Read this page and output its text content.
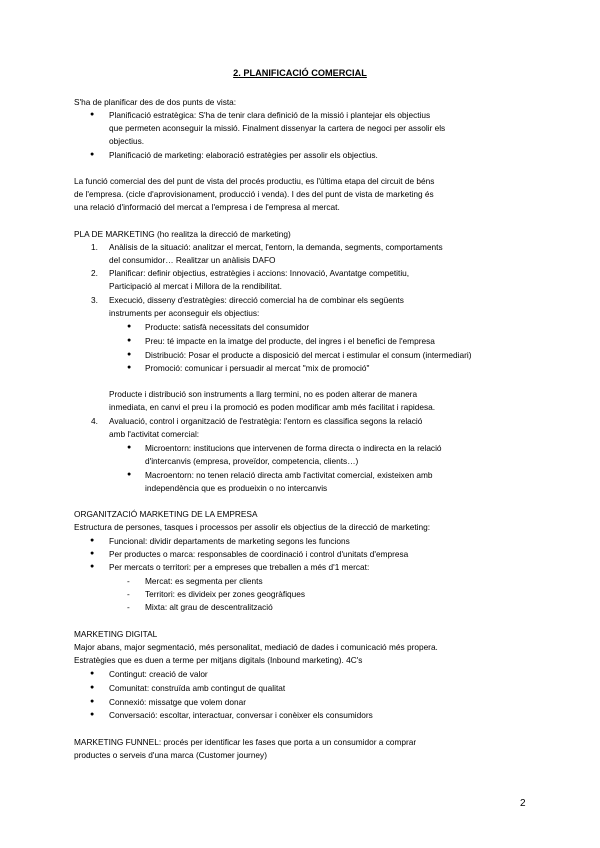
2. PLANIFICACIÓ COMERCIAL
S'ha de planificar des de dos punts de vista:
● Planificació estratègica: S'ha de tenir clara definició de la missió i plantejar els objectius
que permeten aconseguir la missió. Finalment dissenyar la cartera de negoci per assolir els
objectius.
● Planificació de marketing: elaboració estratègies per assolir els objectius.
La funció comercial des del punt de vista del procés productiu, es l'última etapa del circuit de béns
de l'empresa. (cicle d'aprovisionament, producció i venda). I des del punt de vista de marketing és
una relació d'informació del mercat a l'empresa i de l'empresa al mercat.
PLA DE MARKETING (ho realitza la direcció de marketing)
1. Anàlisis de la situació: analitzar el mercat, l'entorn, la demanda, segments, comportaments
del consumidor… Realitzar un anàlisis DAFO
2. Planificar: definir objectius, estratègies i accions: Innovació, Avantatge competitiu,
Participació al mercat i Millora de la rendibilitat.
3. Execució, disseny d'estratègies: direcció comercial ha de combinar els següents
instruments per aconseguir els objectius:
● Producte: satisfà necessitats del consumidor
● Preu: té impacte en la imatge del producte, del ingres i el benefici de l'empresa
● Distribució: Posar el producte a disposició del mercat i estimular el consum (intermediari)
● Promoció: comunicar i persuadir al mercat "mix de promoció"
Producte i distribució son instruments a llarg termini, no es poden alterar de manera
inmediata, en canvi el preu i la promoció es poden modificar amb més facilitat i rapidesa.
4. Avaluació, control i organització de l'estratègia: l'entorn es classifica segons la relació
amb l'activitat comercial:
● Microentorn: institucions que intervenen de forma directa o indirecta en la relació
d'intercanvis (empresa, proveïdor, competencia, clients…)
● Macroentorn: no tenen relació directa amb l'activitat comercial, existeixen amb
independència que es produeixin o no intercanvis
ORGANITZACIÓ MARKETING DE LA EMPRESA
Estructura de persones, tasques i processos per assolir els objectius de la direcció de marketing:
● Funcional: dividir departaments de marketing segons les funcions
● Per productes o marca: responsables de coordinació i control d'unitats d'empresa
● Per mercats o territori: per a empreses que treballen a més d'1 mercat:
- Mercat: es segmenta per clients
- Territori: es divideix per zones geogràfiques
- Mixta: alt grau de descentralització
MARKETING DIGITAL
Major abans, major segmentació, més personalitat, mediació de dades i comunicació més propera.
Estratègies que es duen a terme per mitjans digitals (Inbound marketing). 4C's
● Contingut: creació de valor
● Comunitat: construïda amb contingut de qualitat
● Connexió: missatge que volem donar
● Conversació: escoltar, interactuar, conversar i conèixer els consumidors
MARKETING FUNNEL: procés per identificar les fases que porta a un consumidor a comprar
productes o serveis d'una marca (Customer journey)
2
